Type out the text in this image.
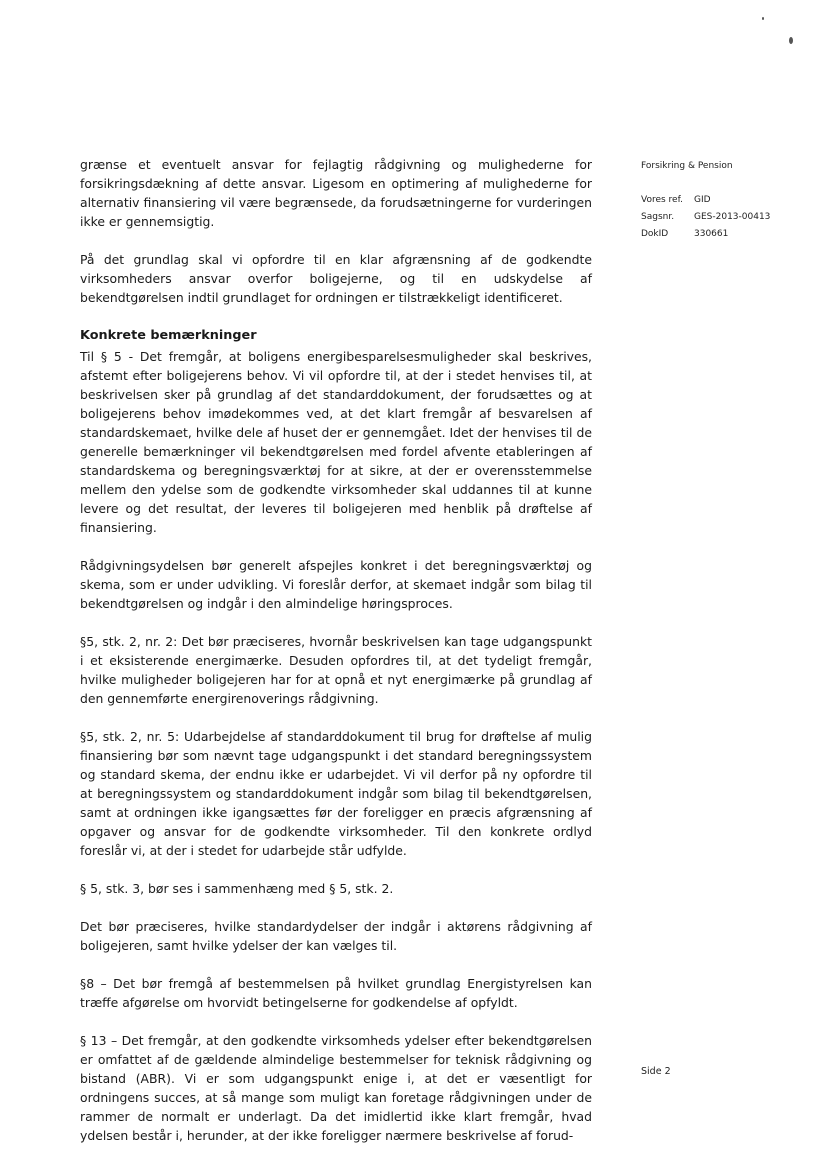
Forsikring & Pension
Vores ref.	GID
Sagsnr.	GES-2013-00413
DokID	330661

grænse et eventuelt ansvar for fejlagtig rådgivning og mulighederne for forsikringsdækning af dette ansvar. Ligesom en optimering af mulighederne for alternativ finansiering vil være begrænsede, da forudsætningerne for vurderingen ikke er gennemsigtig.

På det grundlag skal vi opfordre til en klar afgrænsning af de godkendte virksomheders ansvar overfor boligejerne, og til en udskydelse af bekendtgørelsen indtil grundlaget for ordningen er tilstrækkeligt identificeret.

Konkrete bemærkninger

Til § 5 - Det fremgår, at boligens energibesparelsesmuligheder skal beskrives, afstemt efter boligejerens behov. Vi vil opfordre til, at der i stedet henvises til, at beskrivelsen sker på grundlag af det standarddokument, der forudsættes og at boligejerens behov imødekommes ved, at det klart fremgår af besvarelsen af standardskemaet, hvilke dele af huset der er gennemgået. Idet der henvises til de generelle bemærkninger vil bekendtgørelsen med fordel afvente etableringen af standardskema og beregningsværktøj for at sikre, at der er overensstemmelse mellem den ydelse som de godkendte virksomheder skal uddannes til at kunne levere og det resultat, der leveres til boligejeren med henblik på drøftelse af finansiering.

Rådgivningsydelsen bør generelt afspejles konkret i det beregningsværktøj og skema, som er under udvikling. Vi foreslår derfor, at skemaet indgår som bilag til bekendtgørelsen og indgår i den almindelige høringsproces.

§5, stk. 2, nr. 2: Det bør præciseres, hvornår beskrivelsen kan tage udgangspunkt i et eksisterende energimærke. Desuden opfordres til, at det tydeligt fremgår, hvilke muligheder boligejeren har for at opnå et nyt energimærke på grundlag af den gennemførte energirenoverings rådgivning.

§5, stk. 2, nr. 5: Udarbejdelse af standarddokument til brug for drøftelse af mulig finansiering bør som nævnt tage udgangspunkt i det standard beregningssystem og standard skema, der endnu ikke er udarbejdet. Vi vil derfor på ny opfordre til at beregningssystem og standarddokument indgår som bilag til bekendtgørelsen, samt at ordningen ikke igangsættes før der foreligger en præcis afgrænsning af opgaver og ansvar for de godkendte virksomheder. Til den konkrete ordlyd foreslår vi, at der i stedet for udarbejde står udfylde.

§ 5, stk. 3, bør ses i sammenhæng med § 5, stk. 2.

Det bør præciseres, hvilke standardydelser der indgår i aktørens rådgivning af boligejeren, samt hvilke ydelser der kan vælges til.

§8 – Det bør fremgå af bestemmelsen på hvilket grundlag Energistyrelsen kan træffe afgørelse om hvorvidt betingelserne for godkendelse af opfyldt.

§ 13 – Det fremgår, at den godkendte virksomheds ydelser efter bekendtgørelsen er omfattet af de gældende almindelige bestemmelser for teknisk rådgivning og bistand (ABR). Vi er som udgangspunkt enige i, at det er væsentligt for ordningens succes, at så mange som muligt kan foretage rådgivningen under de rammer de normalt er underlagt. Da det imidlertid ikke klart fremgår, hvad ydelsen består i, herunder, at der ikke foreligger nærmere beskrivelse af forud-

Side 2
